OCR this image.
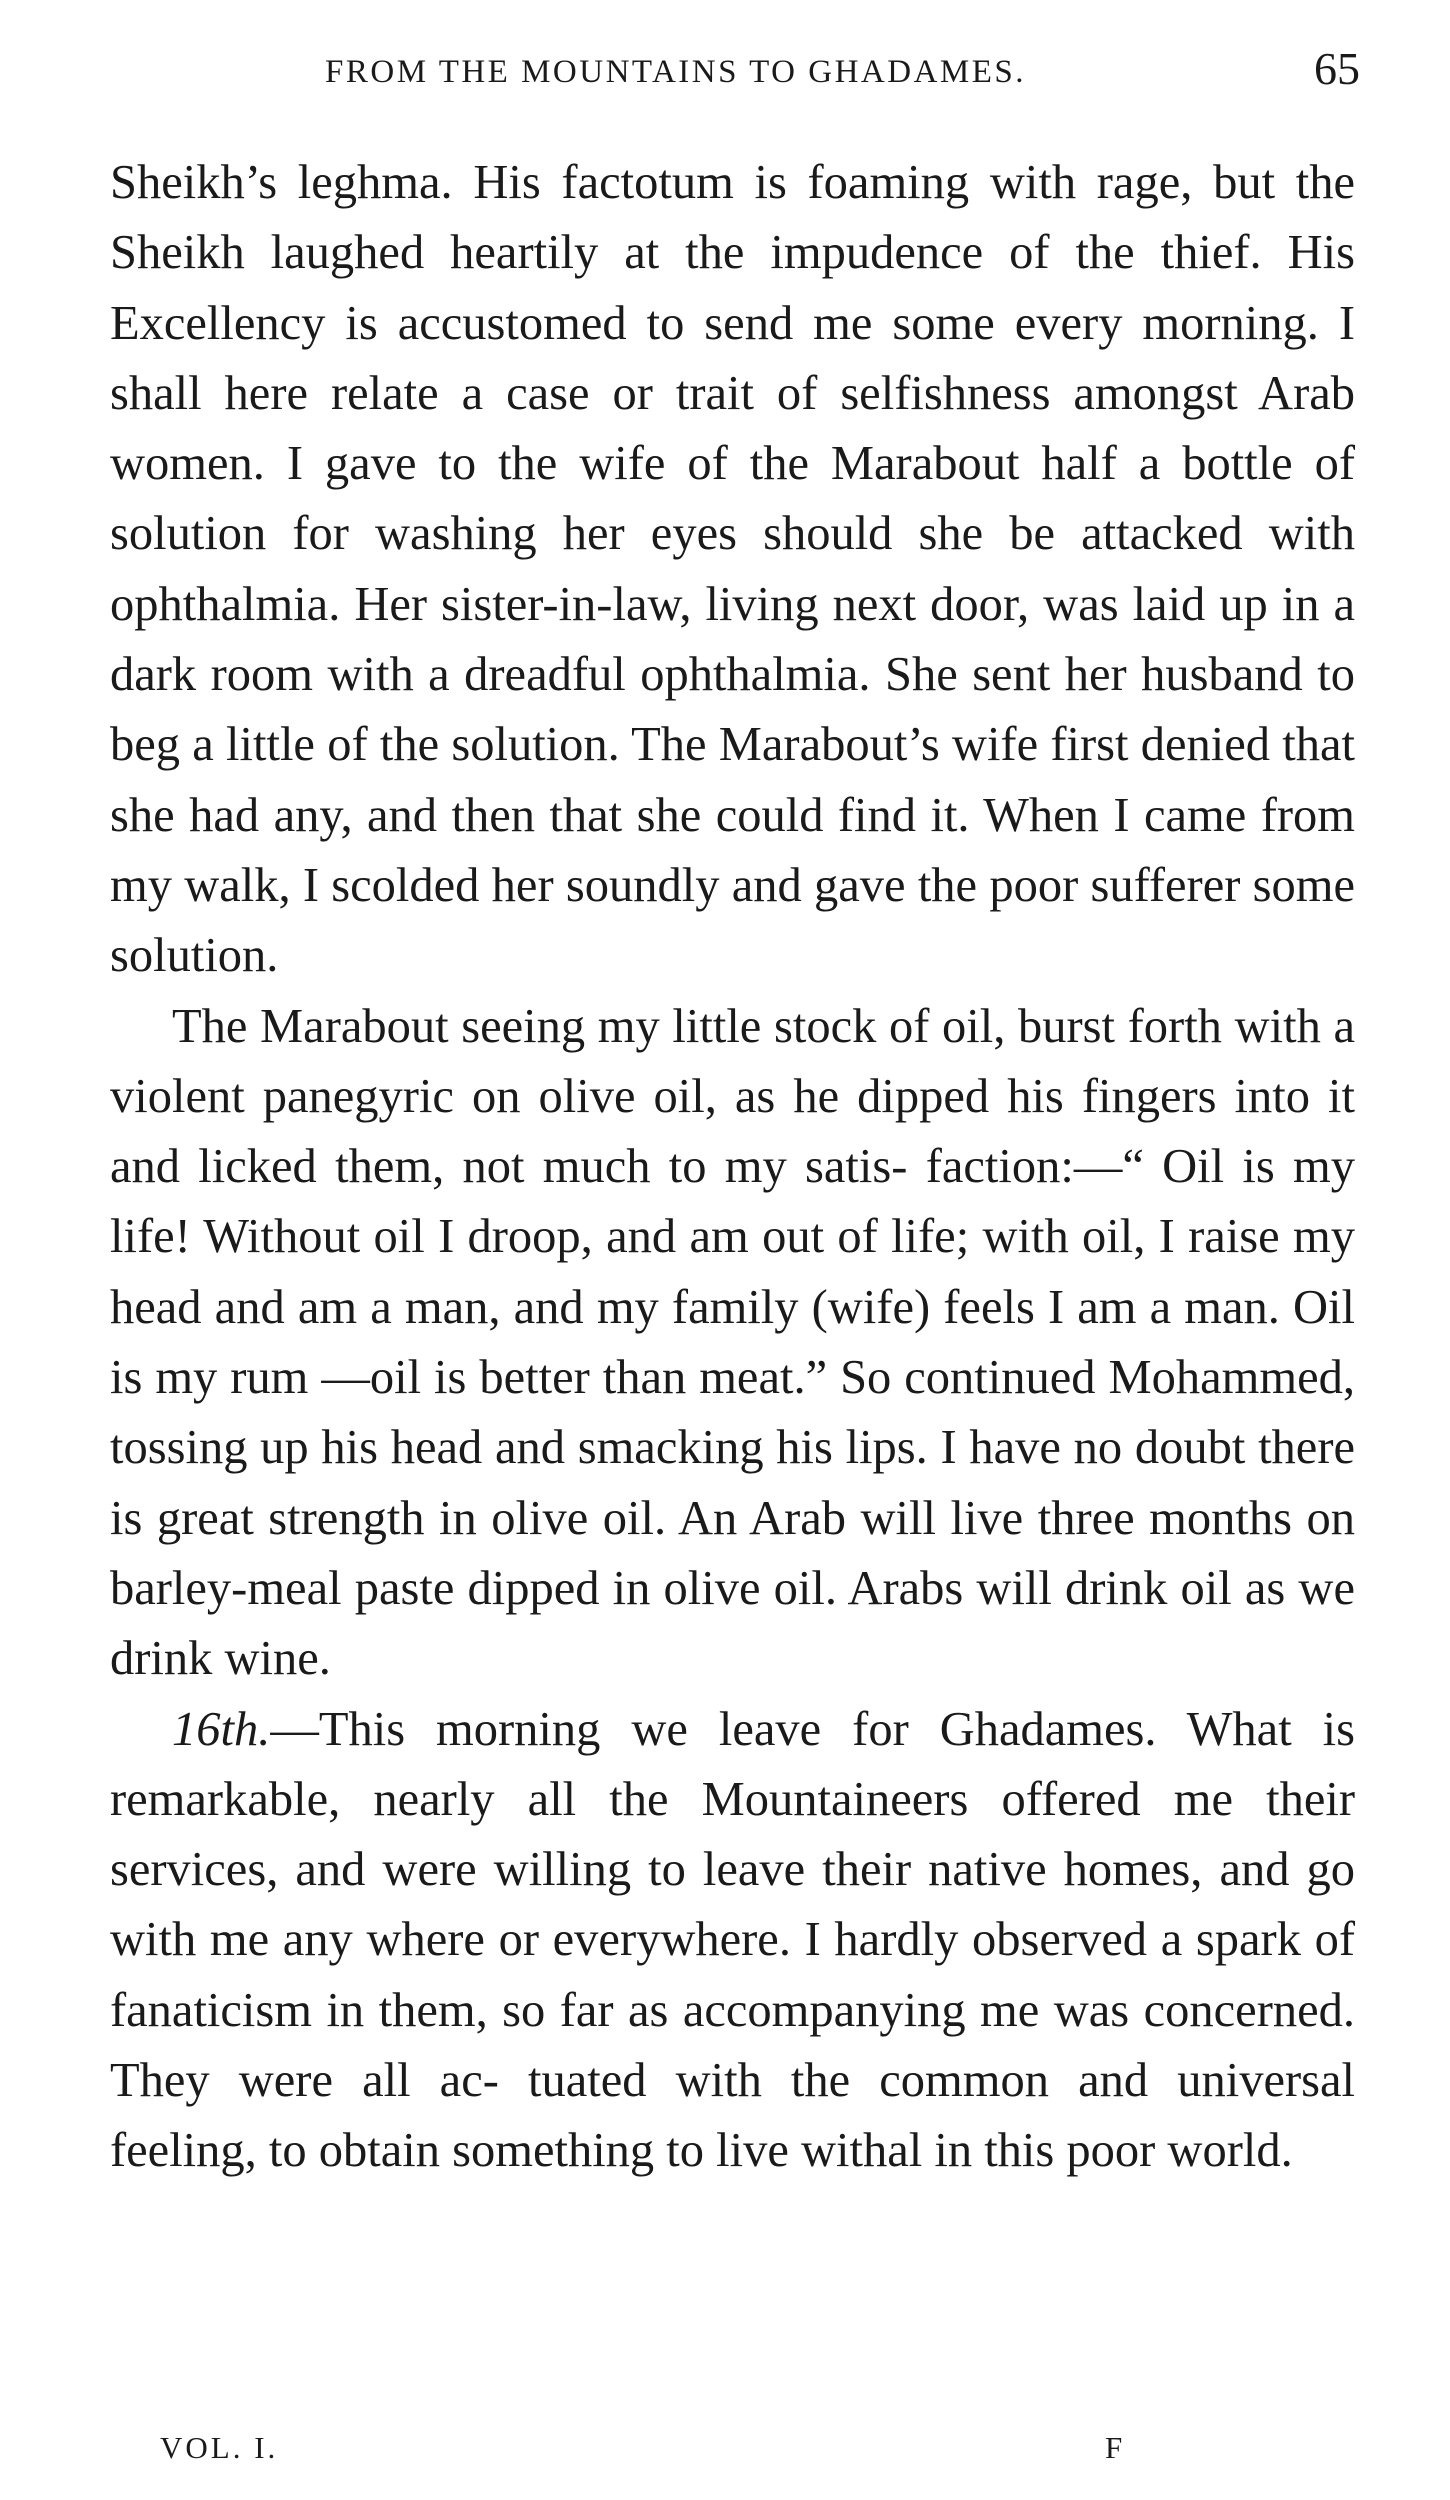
FROM THE MOUNTAINS TO GHADAMES.	65

Sheikh’s leghma. His factotum is foaming with rage, but the Sheikh laughed heartily at the impudence of the thief. His Excellency is accustomed to send me some every morning. I shall here relate a case or trait of selfishness amongst Arab women. I gave to the wife of the Marabout half a bottle of solution for washing her eyes should she be attacked with ophthalmia. Her sister-in-law, living next door, was laid up in a dark room with a dreadful ophthalmia. She sent her husband to beg a little of the solution. The Marabout’s wife first denied that she had any, and then that she could find it. When I came from my walk, I scolded her soundly and gave the poor sufferer some solution.

The Marabout seeing my little stock of oil, burst forth with a violent panegyric on olive oil, as he dipped his fingers into it and licked them, not much to my satis- faction:—“ Oil is my life! Without oil I droop, and am out of life; with oil, I raise my head and am a man, and my family (wife) feels I am a man. Oil is my rum —oil is better than meat.” So continued Mohammed, tossing up his head and smacking his lips. I have no doubt there is great strength in olive oil. An Arab will live three months on barley-meal paste dipped in olive oil. Arabs will drink oil as we drink wine.

16th.—This morning we leave for Ghadames. What is remarkable, nearly all the Mountaineers offered me their services, and were willing to leave their native homes, and go with me any where or everywhere. I hardly observed a spark of fanaticism in them, so far as accompanying me was concerned. They were all ac- tuated with the common and universal feeling, to obtain something to live withal in this poor world.

VOL. I.	F
